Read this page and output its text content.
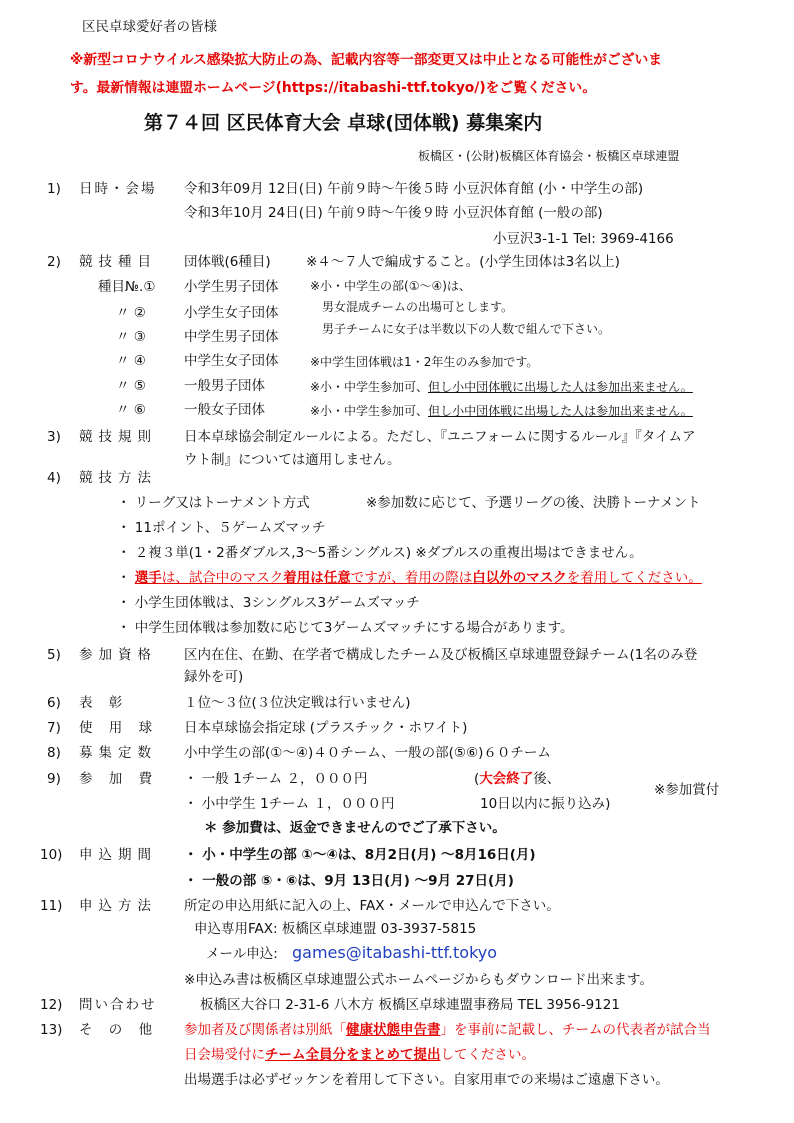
区民卓球愛好者の皆様
※新型コロナウイルス感染拡大防止の為、記載内容等一部変更又は中止となる可能性がございま
す。最新情報は連盟ホームページ(https://itabashi-ttf.tokyo/)をご覧ください。
第７４回 区民体育大会 卓球(団体戦) 募集案内
板橋区・(公財)板橋区体育協会・板橋区卓球連盟
1) 日時・会場 令和3年09月 12日(日) 午前９時～午後５時 小豆沢体育館 (小・中学生の部)
令和3年10月 24日(日) 午前９時～午後９時 小豆沢体育館 (一般の部)
小豆沢3-1-1 Tel: 3969-4166
2) 競技種目 団体戦(6種目)	※４～７人で編成すること。(小学生団体は3名以上)
種目№.① 小学生男子団体	※小・中学生の部(①～④)は、
〃 ②	小学生女子団体	男女混成チームの出場可とします。
〃 ③	中学生男子団体	男子チームに女子は半数以下の人数で組んで下さい。
〃 ④	中学生女子団体	※中学生団体戦は1・2年生のみ参加です。
〃 ⑤	一般男子団体	※小・中学生参加可、但し小中団体戦に出場した人は参加出来ません。
〃 ⑥	一般女子団体	※小・中学生参加可、但し小中団体戦に出場した人は参加出来ません。
3) 競技規則 日本卓球協会制定ルールによる。ただし、『ユニフォームに関するルール』『タイムア
ウト制』については適用しません。
4) 競技方法
・ リーグ又はトーナメント方式	※参加数に応じて、予選リーグの後、決勝トーナメント
・ 11ポイント、５ゲームズマッチ
・ ２複３単(1・2番ダブルス,3～5番シングルス) ※ダブルスの重複出場はできません。
・ 選手は、試合中のマスク着用は任意ですが、着用の際は白以外のマスクを着用してください。
・ 小学生団体戦は、3シングルス3ゲームズマッチ
・ 中学生団体戦は参加数に応じて3ゲームズマッチにする場合があります。
5) 参加資格 区内在住、在勤、在学者で構成したチーム及び板橋区卓球連盟登録チーム(1名のみ登
録外を可)
6) 表 彰	１位～３位(３位決定戦は行いません)
7) 使 用 球 日本卓球協会指定球 (プラスチック・ホワイト)
8) 募集定数 小中学生の部(①～④)４０チーム、一般の部(⑤⑥)６０チーム
9) 参 加 費 ・ 一般 1チーム ２，０００円	(大会終了後、
・ 小中学生 1チーム １，０００円	10日以内に振り込み)
※参加賞付
＊ 参加費は、返金できませんのでご了承下さい。
10) 申込期間 ・ 小・中学生の部 ①～④は、8月2日(月) ～8月16日(月)
・ 一般の部 ⑤・⑥は、9月 13日(月) ～9月 27日(月)
11) 申込方法 所定の申込用紙に記入の上、FAX・メールで申込んで下さい。
申込専用FAX: 板橋区卓球連盟 03-3937-5815
メール申込: games@itabashi-ttf.tokyo
※申込み書は板橋区卓球連盟公式ホームページからもダウンロード出来ます。
12) 問い合わせ	板橋区大谷口 2-31-6 八木方 板橋区卓球連盟事務局 TEL 3956-9121
13) そ の 他 参加者及び関係者は別紙「健康状態申告書」を事前に記載し、チームの代表者が試合当
日会場受付にチーム全員分をまとめて提出してください。
出場選手は必ずゼッケンを着用して下さい。自家用車での来場はご遠慮下さい。
